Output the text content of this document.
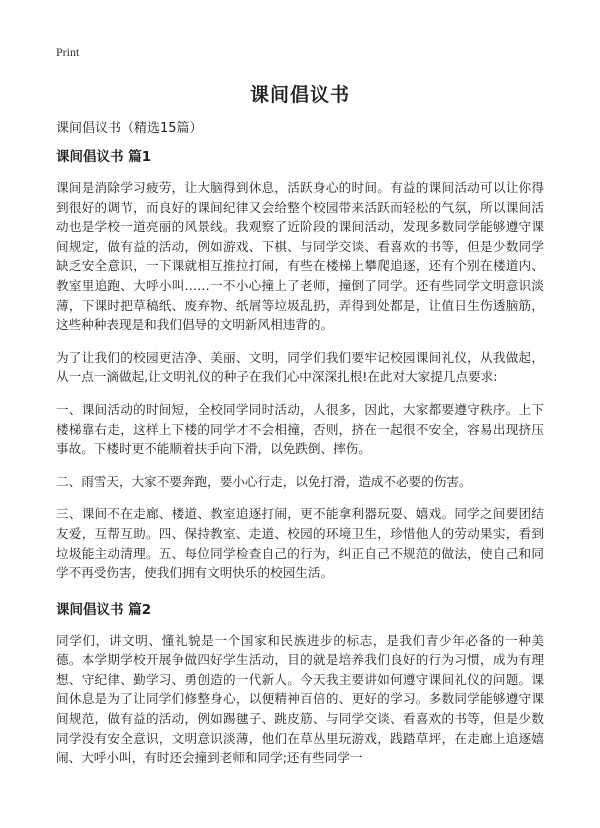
Print
课间倡议书
课间倡议书（精选15篇）
课间倡议书 篇1

课间是消除学习疲劳，让大脑得到休息，活跃身心的时间。有益的课间活动可以让你得到很好的调节，而良好的课间纪律又会给整个校园带来活跃而轻松的气氛，所以课间活动也是学校一道亮丽的风景线。我观察了近阶段的课间活动，发现多数同学能够遵守课间规定，做有益的活动，例如游戏、下棋、与同学交谈、看喜欢的书等，但是少数同学缺乏安全意识，一下课就相互推拉打闹，有些在楼梯上攀爬追逐，还有个别在楼道内、教室里追跑、大呼小叫……一不小心撞上了老师，撞倒了同学。还有些同学文明意识淡薄，下课时把草稿纸、废弃物、纸屑等垃圾乱扔，弄得到处都是，让值日生伤透脑筋，这些种种表现是和我们倡导的文明新风相违背的。

为了让我们的校园更洁净、美丽、文明，同学们我们要牢记校园课间礼仪，从我做起，从一点一滴做起,让文明礼仪的种子在我们心中深深扎根!在此对大家提几点要求:

一、课间活动的时间短，全校同学同时活动，人很多，因此，大家都要遵守秩序。上下楼梯靠右走，这样上下楼的同学才不会相撞，否则，挤在一起很不安全，容易出现挤压事故。下楼时更不能顺着扶手向下滑，以免跌倒、摔伤。

二、雨雪天，大家不要奔跑，要小心行走，以免打滑，造成不必要的伤害。

三、课间不在走廊、楼道、教室追逐打闹，更不能拿利器玩耍、嬉戏。同学之间要团结友爱，互帮互助。四、保持教室、走道、校园的环境卫生，珍惜他人的劳动果实，看到垃圾能主动清理。五、每位同学检查自己的行为，纠正自己不规范的做法，使自己和同学不再受伤害，使我们拥有文明快乐的校园生活。

课间倡议书 篇2

同学们，讲文明、懂礼貌是一个国家和民族进步的标志，是我们青少年必备的一种美德。本学期学校开展争做四好学生活动，目的就是培养我们良好的行为习惯，成为有理想、守纪律、勤学习、勇创造的一代新人。今天我主要讲如何遵守课间礼仪的问题。课间休息是为了让同学们修整身心，以便精神百倍的、更好的学习。多数同学能够遵守课间规范，做有益的活动，例如踢毽子、跳皮筋、与同学交谈、看喜欢的书等，但是少数同学没有安全意识，文明意识淡薄，他们在草丛里玩游戏，践踏草坪，在走廊上追逐嬉闹、大呼小叫，有时还会撞到老师和同学;还有些同学一
